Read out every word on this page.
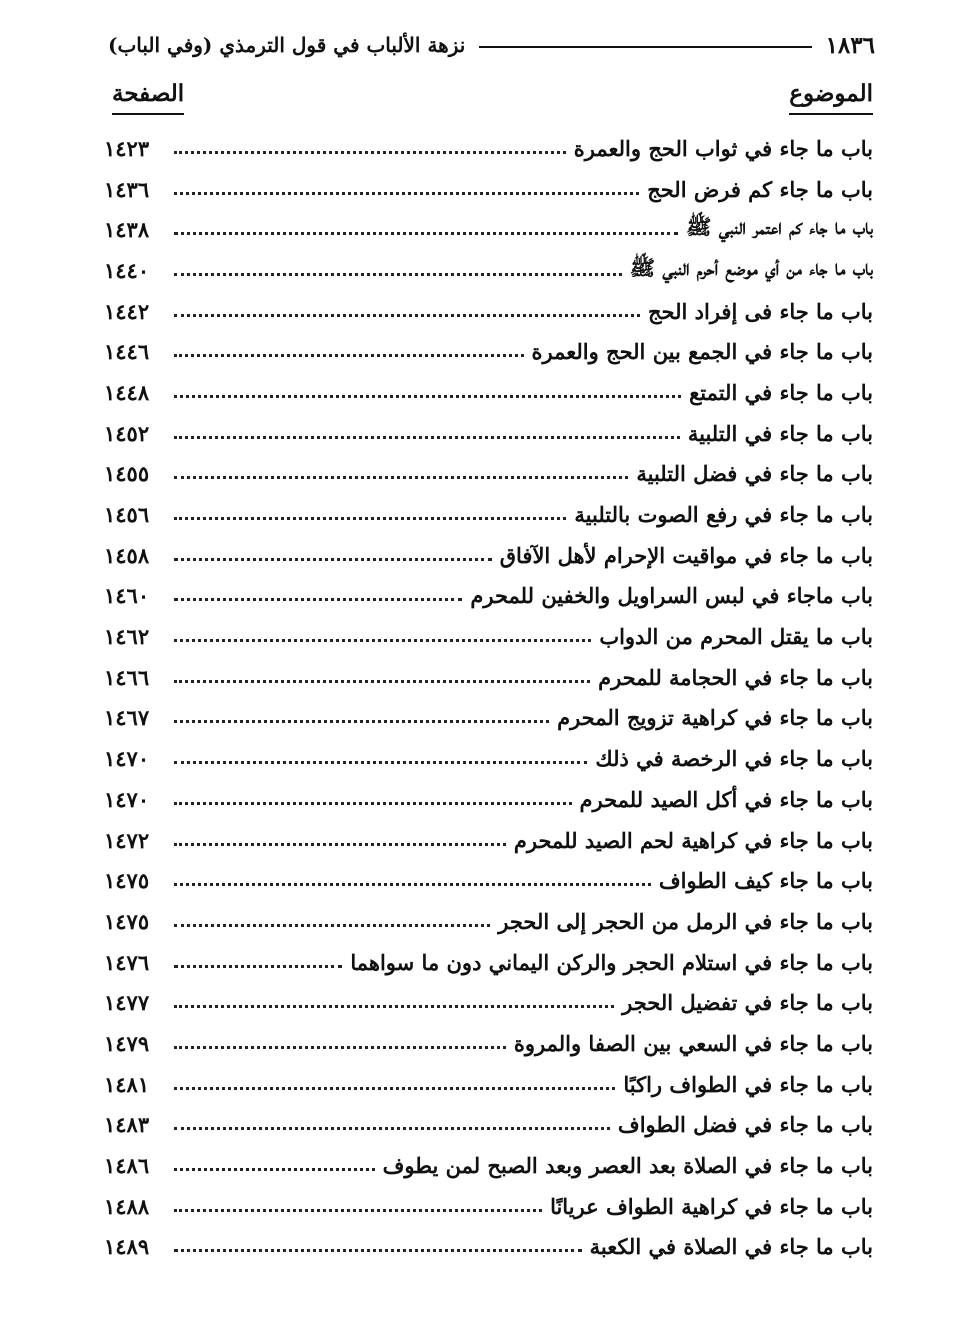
١٨٣٦
نزهة الألباب في قول الترمذي (وفي الباب)
الموضوع
الصفحة
باب ما جاء في ثواب الحج والعمرة
١٤٢٣
باب ما جاء كم فرض الحج
١٤٣٦
باب ما جاء كم اعتمر النبي ﷺ
١٤٣٨
باب ما جاء من أي موضع أحرم النبي ﷺ
١٤٤٠
باب ما جاء فى إفراد الحج
١٤٤٢
باب ما جاء في الجمع بين الحج والعمرة
١٤٤٦
باب ما جاء في التمتع
١٤٤٨
باب ما جاء في التلبية
١٤٥٢
باب ما جاء في فضل التلبية
١٤٥٥
باب ما جاء في رفع الصوت بالتلبية
١٤٥٦
باب ما جاء في مواقيت الإحرام لأهل الآفاق
١٤٥٨
باب ماجاء في لبس السراويل والخفين للمحرم
١٤٦٠
باب ما يقتل المحرم من الدواب
١٤٦٢
باب ما جاء في الحجامة للمحرم
١٤٦٦
باب ما جاء في كراهية تزويج المحرم
١٤٦٧
باب ما جاء في الرخصة في ذلك
١٤٧٠
باب ما جاء في أكل الصيد للمحرم
١٤٧٠
باب ما جاء في كراهية لحم الصيد للمحرم
١٤٧٢
باب ما جاء كيف الطواف
١٤٧٥
باب ما جاء في الرمل من الحجر إلى الحجر
١٤٧٥
باب ما جاء في استلام الحجر والركن اليماني دون ما سواهما
١٤٧٦
باب ما جاء في تفضيل الحجر
١٤٧٧
باب ما جاء في السعي بين الصفا والمروة
١٤٧٩
باب ما جاء في الطواف راكبًا
١٤٨١
باب ما جاء في فضل الطواف
١٤٨٣
باب ما جاء في الصلاة بعد العصر وبعد الصبح لمن يطوف
١٤٨٦
باب ما جاء في كراهية الطواف عريانًا
١٤٨٨
باب ما جاء في الصلاة في الكعبة
١٤٨٩
